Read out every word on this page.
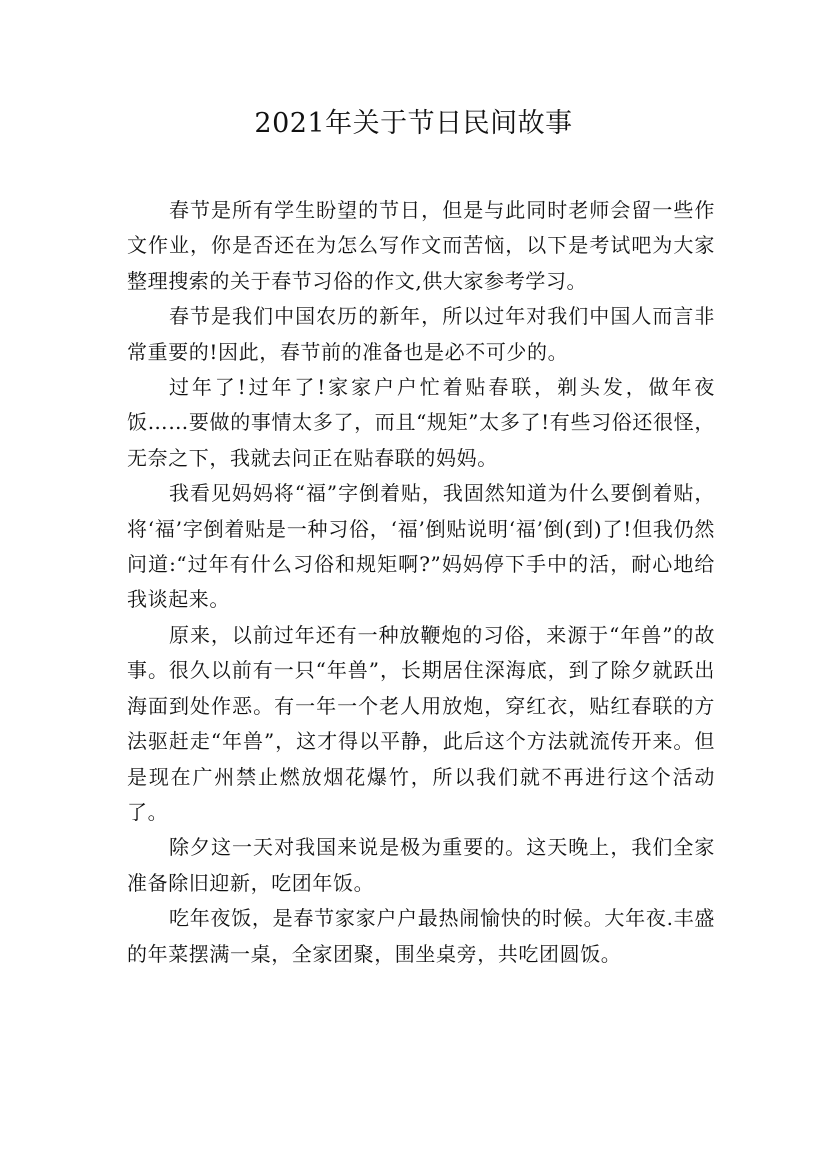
2021年关于节日民间故事

春节是所有学生盼望的节日，但是与此同时老师会留一些作文作业，你是否还在为怎么写作文而苦恼，以下是考试吧为大家整理搜索的关于春节习俗的作文,供大家参考学习。

春节是我们中国农历的新年，所以过年对我们中国人而言非常重要的!因此，春节前的准备也是必不可少的。

过年了!过年了!家家户户忙着贴春联，剃头发，做年夜饭……要做的事情太多了，而且“规矩”太多了!有些习俗还很怪，无奈之下，我就去问正在贴春联的妈妈。

我看见妈妈将“福”字倒着贴，我固然知道为什么要倒着贴，将‘福’字倒着贴是一种习俗，‘福’倒贴说明‘福’倒(到)了!但我仍然问道:“过年有什么习俗和规矩啊?”妈妈停下手中的活，耐心地给我谈起来。

原来，以前过年还有一种放鞭炮的习俗，来源于“年兽”的故事。很久以前有一只“年兽”，长期居住深海底，到了除夕就跃出海面到处作恶。有一年一个老人用放炮，穿红衣，贴红春联的方法驱赶走“年兽”，这才得以平静，此后这个方法就流传开来。但是现在广州禁止燃放烟花爆竹，所以我们就不再进行这个活动了。

除夕这一天对我国来说是极为重要的。这天晚上，我们全家准备除旧迎新，吃团年饭。

吃年夜饭，是春节家家户户最热闹愉快的时候。大年夜.丰盛的年菜摆满一桌，全家团聚，围坐桌旁，共吃团圆饭。
